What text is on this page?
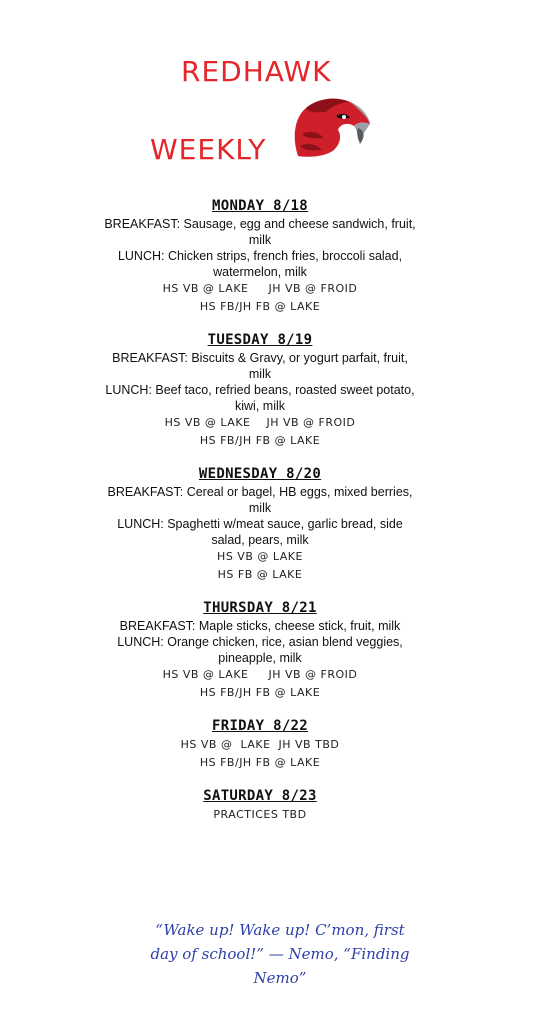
REDHAWK
WEEKLY
MONDAY 8/18
BREAKFAST: Sausage, egg and cheese sandwich, fruit, milk
LUNCH: Chicken strips, french fries, broccoli salad, watermelon, milk
HS VB @ LAKE     JH VB @ FROID
HS FB/JH FB @ LAKE
TUESDAY 8/19
BREAKFAST: Biscuits & Gravy, or yogurt parfait, fruit, milk
LUNCH: Beef taco, refried beans, roasted sweet potato, kiwi, milk
HS VB @ LAKE    JH VB @ FROID
HS FB/JH FB @ LAKE
WEDNESDAY 8/20
BREAKFAST: Cereal or bagel, HB eggs, mixed berries, milk
LUNCH: Spaghetti w/meat sauce, garlic bread, side salad, pears, milk
HS VB @ LAKE
HS FB @ LAKE
THURSDAY 8/21
BREAKFAST: Maple sticks, cheese stick, fruit, milk
LUNCH: Orange chicken, rice, asian blend veggies, pineapple, milk
HS VB @ LAKE     JH VB @ FROID
HS FB/JH FB @ LAKE
FRIDAY 8/22
HS VB @  LAKE  JH VB TBD
HS FB/JH FB @ LAKE
SATURDAY 8/23
PRACTICES TBD
“Wake up! Wake up! C’mon, first day of school!” — Nemo, “Finding Nemo”
